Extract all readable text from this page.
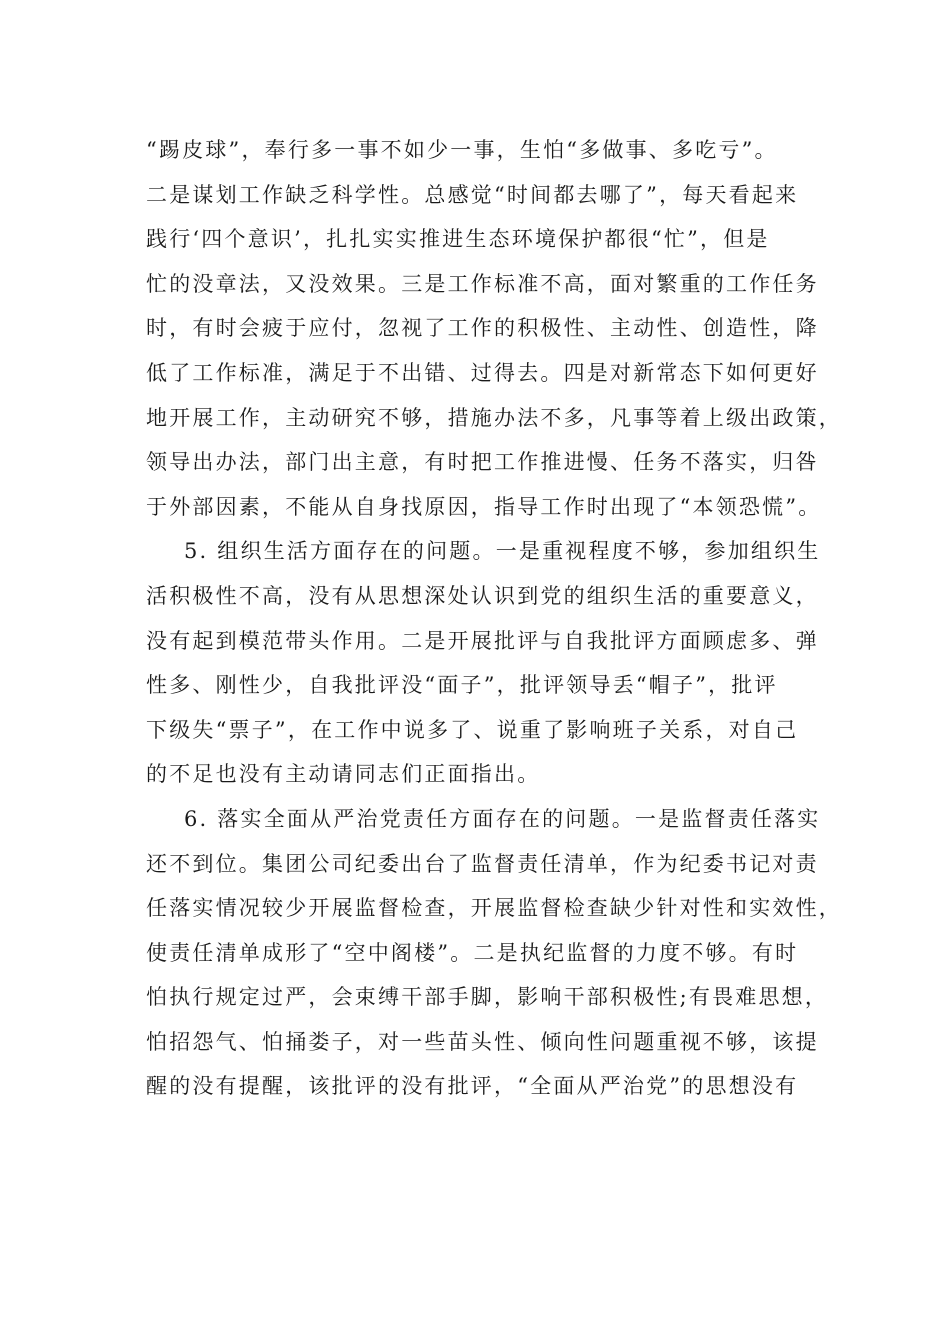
“踢皮球”，奉行多一事不如少一事，生怕“多做事、多吃亏”。
二是谋划工作缺乏科学性。总感觉“时间都去哪了”，每天看起来
践行‘四个意识’，扎扎实实推进生态环境保护都很“忙”，但是
忙的没章法，又没效果。三是工作标准不高，面对繁重的工作任务
时，有时会疲于应付，忽视了工作的积极性、主动性、创造性，降
低了工作标准，满足于不出错、过得去。四是对新常态下如何更好
地开展工作，主动研究不够，措施办法不多，凡事等着上级出政策，
领导出办法，部门出主意，有时把工作推进慢、任务不落实，归咎
于外部因素，不能从自身找原因，指导工作时出现了“本领恐慌”。
5. 组织生活方面存在的问题。一是重视程度不够，参加组织生
活积极性不高，没有从思想深处认识到党的组织生活的重要意义，
没有起到模范带头作用。二是开展批评与自我批评方面顾虑多、弹
性多、刚性少，自我批评没“面子”，批评领导丢“帽子”，批评
下级失“票子”，在工作中说多了、说重了影响班子关系，对自己
的不足也没有主动请同志们正面指出。
6. 落实全面从严治党责任方面存在的问题。一是监督责任落实
还不到位。集团公司纪委出台了监督责任清单，作为纪委书记对责
任落实情况较少开展监督检查，开展监督检查缺少针对性和实效性，
使责任清单成形了“空中阁楼”。二是执纪监督的力度不够。有时
怕执行规定过严，会束缚干部手脚，影响干部积极性;有畏难思想，
怕招怨气、怕捅娄子，对一些苗头性、倾向性问题重视不够，该提
醒的没有提醒，该批评的没有批评，“全面从严治党”的思想没有
